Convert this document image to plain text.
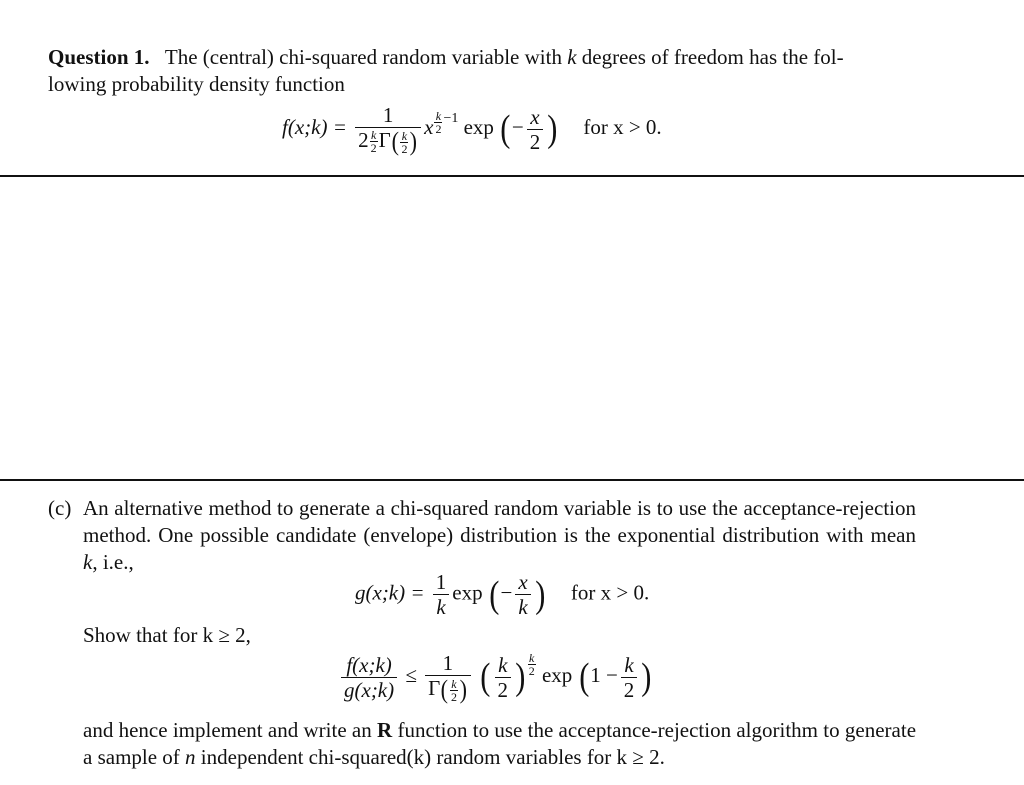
Question 1. The (central) chi-squared random variable with k degrees of freedom has the fol-
lowing probability density function
f(x;k) = $\frac{1}{2 \frac{k}{2} \Gamma( \frac{k}{2} )}$ x $\frac{k}{2} -1$ exp (− $\frac{x}{2}$ ) for x > 0.
(c) An alternative method to generate a chi-squared random variable is to use the acceptance-rejection method. One possible candidate (envelope) distribution is the exponential distribution with mean k, i.e.,
g(x;k) = $\frac{1}{k}$ exp (− $\frac{x}{k}$ ) for x > 0.
Show that for k ≥ 2,
$\frac{f(x;k)}{g(x;k)} \le \frac{1}{\Gamma( \frac{k}{2} )}$ ( $\frac{k}{2}$ ) $\frac{k}{2}$ $\exp (1 - \frac{k}{2}$ )
and hence implement and write an R function to use the acceptance-rejection algorithm to generate a sample of n independent chi-squared(k) random variables for k ≥ 2.
